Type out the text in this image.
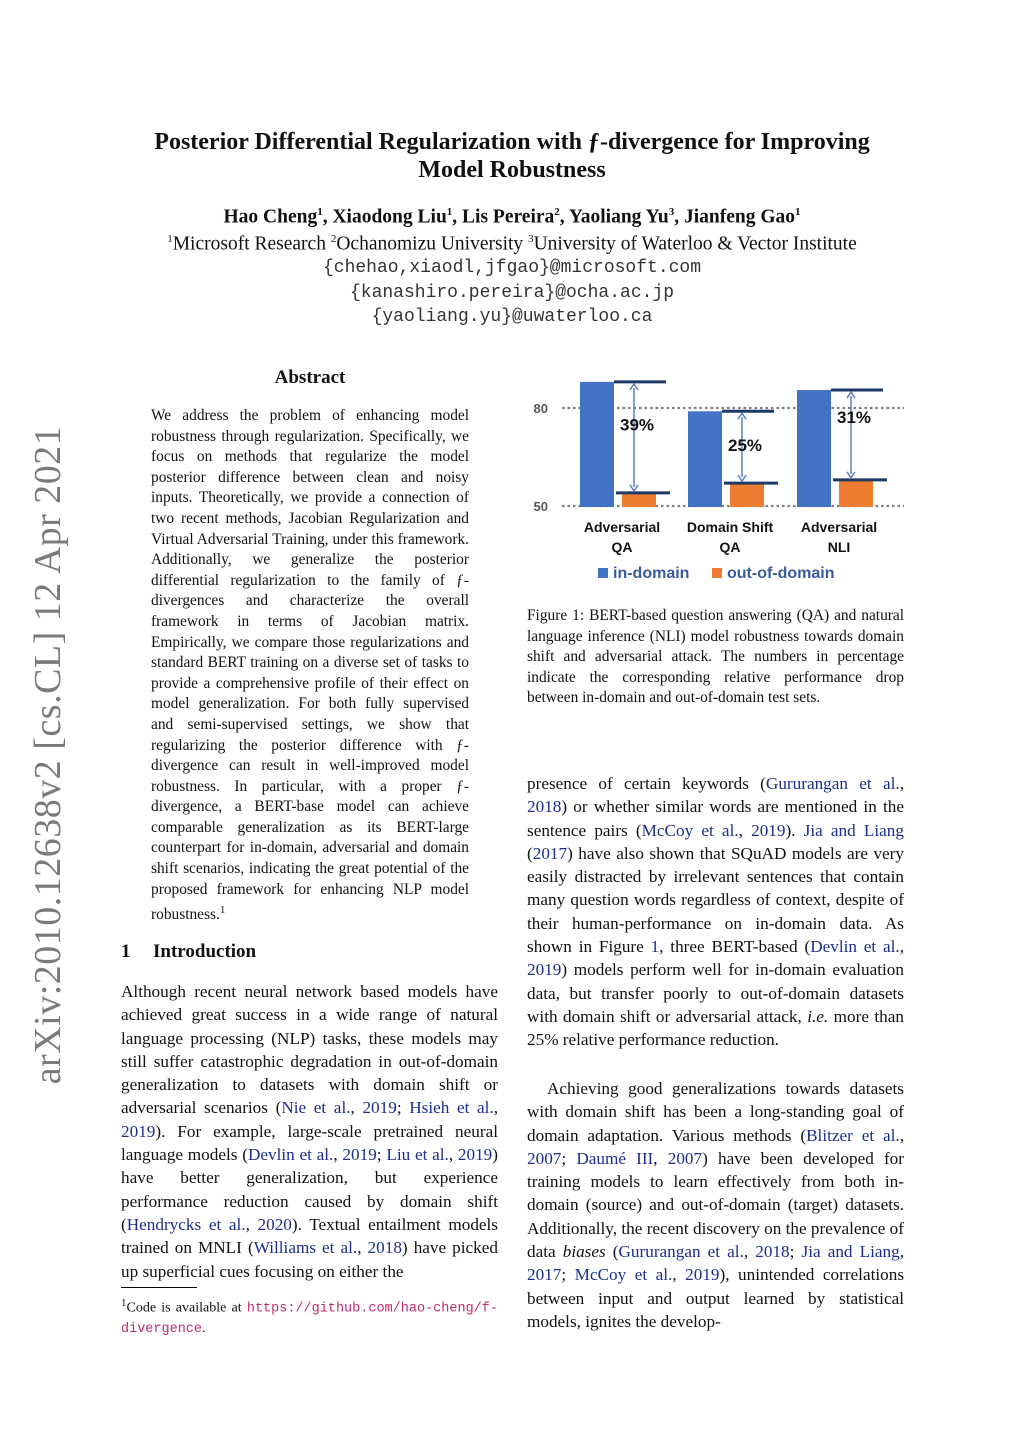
arXiv:2010.12638v2 [cs.CL] 12 Apr 2021
Posterior Differential Regularization with ƒ-divergence for Improving Model Robustness
Hao Cheng$^1$, Xiaodong Liu$^1$, Lis Pereira$^2$, Yaoliang Yu$^3$, Jianfeng Gao$^1$
$^1$Microsoft Research $^2$Ochanomizu University $^3$University of Waterloo & Vector Institute
{chehao,xiaodl,jfgao}@microsoft.com
{kanashiro.pereira}@ocha.ac.jp
{yaoliang.yu}@uwaterloo.ca
Abstract
We address the problem of enhancing model robustness through regularization. Specifically, we focus on methods that regularize the model posterior difference between clean and noisy inputs. Theoretically, we provide a connection of two recent methods, Jacobian Regularization and Virtual Adversarial Training, under this framework. Additionally, we generalize the posterior differential regularization to the family of ƒ-divergences and characterize the overall framework in terms of Jacobian matrix. Empirically, we compare those regularizations and standard BERT training on a diverse set of tasks to provide a comprehensive profile of their effect on model generalization. For both fully supervised and semi-supervised settings, we show that regularizing the posterior difference with ƒ-divergence can result in well-improved model robustness. In particular, with a proper ƒ-divergence, a BERT-base model can achieve comparable generalization as its BERT-large counterpart for in-domain, adversarial and domain shift scenarios, indicating the great potential of the proposed framework for enhancing NLP model robustness.$^1$
1 Introduction
Although recent neural network based models have achieved great success in a wide range of natural language processing (NLP) tasks, these models may still suffer catastrophic degradation in out-of-domain generalization to datasets with domain shift or adversarial scenarios (Nie et al., 2019; Hsieh et al., 2019). For example, large-scale pretrained neural language models (Devlin et al., 2019; Liu et al., 2019) have better generalization, but experience performance reduction caused by domain shift (Hendrycks et al., 2020). Textual entailment models trained on MNLI (Williams et al., 2018) have picked up superficial cues focusing on either the
presence of certain keywords (Gururangan et al., 2018) or whether similar words are mentioned in the sentence pairs (McCoy et al., 2019). Jia and Liang (2017) have also shown that SQuAD models are very easily distracted by irrelevant sentences that contain many question words regardless of context, despite of their human-performance on in-domain data. As shown in Figure 1, three BERT-based (Devlin et al., 2019) models perform well for in-domain evaluation data, but transfer poorly to out-of-domain datasets with domain shift or adversarial attack, i.e. more than 25% relative performance reduction.
Achieving good generalizations towards datasets with domain shift has been a long-standing goal of domain adaptation. Various methods (Blitzer et al., 2007; Daumé III, 2007) have been developed for training models to learn effectively from both in-domain (source) and out-of-domain (target) datasets. Additionally, the recent discovery on the prevalence of data biases (Gururangan et al., 2018; Jia and Liang, 2017; McCoy et al., 2019), unintended correlations between input and output learned by statistical models, ignites the develop-
$^1$Code is available at https://github.com/hao-cheng/f-divergence.
50
80
39%
Adversarial
QA
25%
Domain Shift
QA
31%
Adversarial
NLI
in-domain out-of-domain
Figure 1: BERT-based question answering (QA) and natural language inference (NLI) model robustness towards domain shift and adversarial attack. The numbers in percentage indicate the corresponding relative performance drop between in-domain and out-of-domain test sets.
